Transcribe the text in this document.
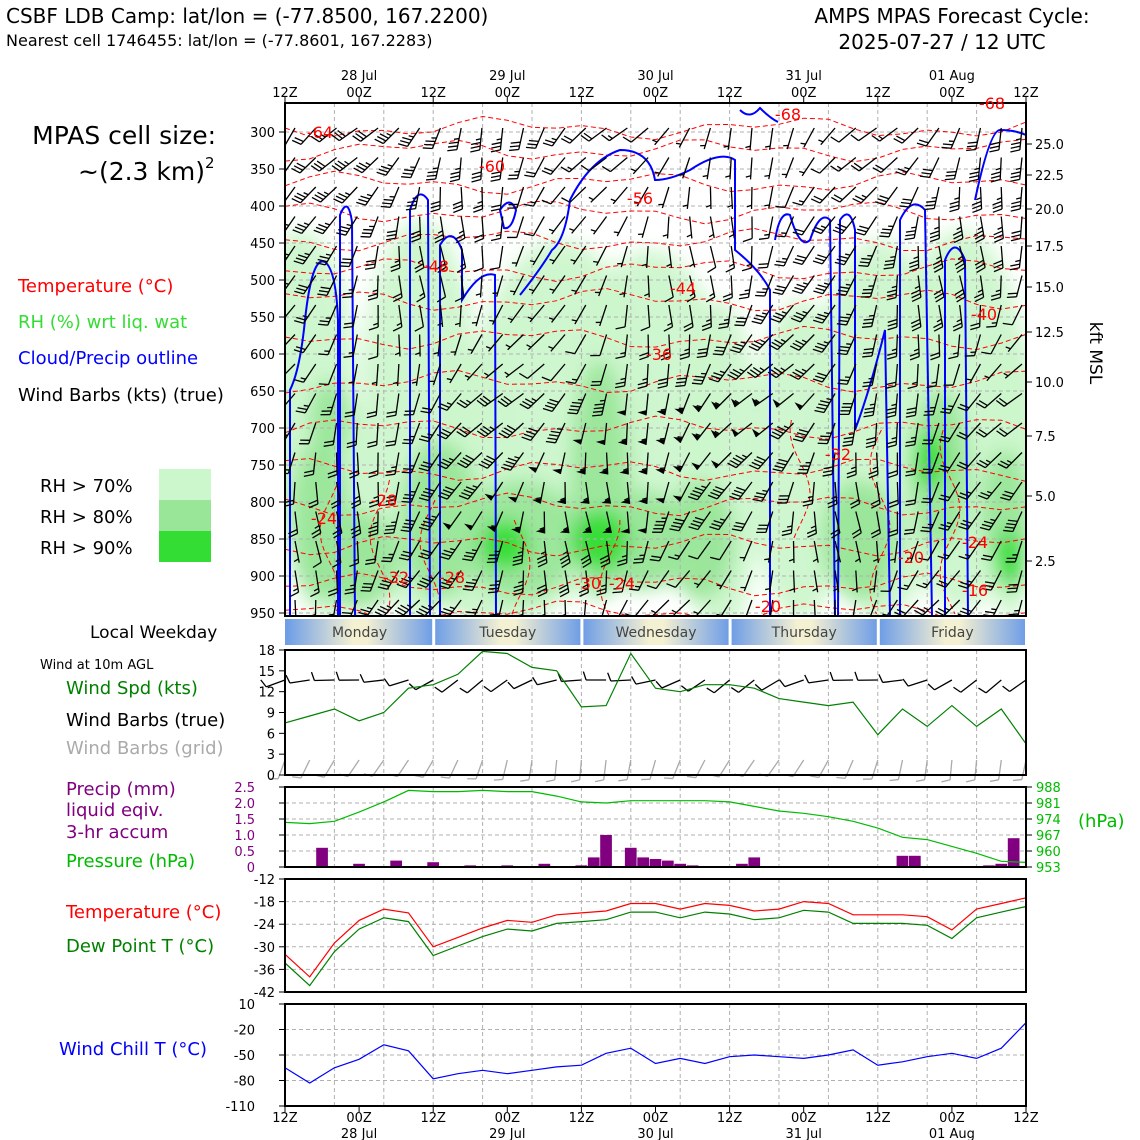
CSBF LDB Camp: lat/lon = (-77.8500, 167.2200)
Nearest cell 1746455: lat/lon = (-77.8601, 167.2283)
AMPS MPAS Forecast Cycle:
2025-07-27 / 12 UTC
MPAS cell size:
~(2.3 km) 2
Temperature (°C)
RH (%) wrt liq. wat
Cloud/Precip outline
Wind Barbs (kts) (true)
RH > 70%
RH > 80%
RH > 90%
Local Weekday
Wind at 10m AGL
Wind Spd (kts)
Wind Barbs (true)
Wind Barbs (grid)
Precip (mm)
liquid eqiv.
3-hr accum
Pressure (hPa)
Temperature (°C)
Dew Point T (°C)
Wind Chill T (°C)
300
350
400
450
500
550
600
650
700
750
800
850
900
950
25.0
22.5
20.0
17.5
15.0
12.5
10.0
7.5
5.0
2.5
-64
-60
-68
-56
-48
-44
-36
-40
-32
-28
-24
-32 -28	-30 -24
-20
-24
-20
-16
-68
kft MSL
12Z	00Z	12Z	00Z	12Z	00Z	12Z	00Z	12Z	00Z	12Z
28 Jul	29 Jul	30 Jul	31 Jul	01 Aug
Monday	Tuesday	Wednesday	Thursday	Friday
0
3
6
9
12
15
18
0
0.5
1.0
1.5
2.0
2.5
953
960
967
974
981
988
(hPa)
-42
-36
-30
-24
-18
-12
-110
-80
-50
-20
10
12Z	00Z	12Z	00Z	12Z	00Z	12Z	00Z	12Z	00Z	12Z
28 Jul	29 Jul	30 Jul	31 Jul	01 Aug
